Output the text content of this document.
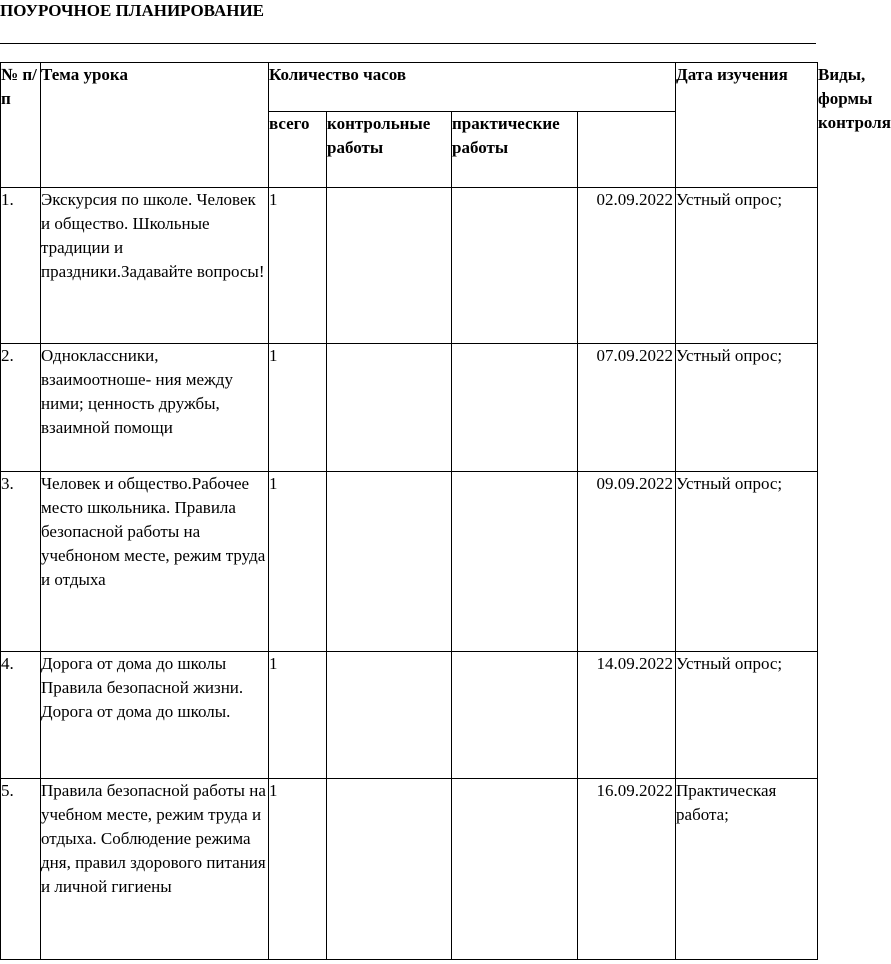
ПОУРОЧНОЕ ПЛАНИРОВАНИЕ
№ п/п	Тема урока	Количество часов				Дата изучения	Виды, формы контроля
		всего	контрольные работы	практические работы			
1.	Экскурсия по школе. Человек и общество. Школьные традиции и праздники.Задавайте вопросы!	1			02.09.2022	Устный опрос;	
2.	Одноклассники, взаимоотноше- ния между ними; ценность дружбы, взаимной помощи	1			07.09.2022	Устный опрос;	
3.	Человек и общество.Рабочее место школьника. Правила безопасной работы на учебноном месте, режим труда и отдыха	1			09.09.2022	Устный опрос;	
4.	Дорога от дома до школы Правила безопасной жизни. Дорога от дома до школы.	1			14.09.2022	Устный опрос;	
5.	Правила безопасной работы на учебном месте, режим труда и отдыха. Соблюдение режима дня, правил здорового питания и личной гигиены	1			16.09.2022	Практическая работа;	
